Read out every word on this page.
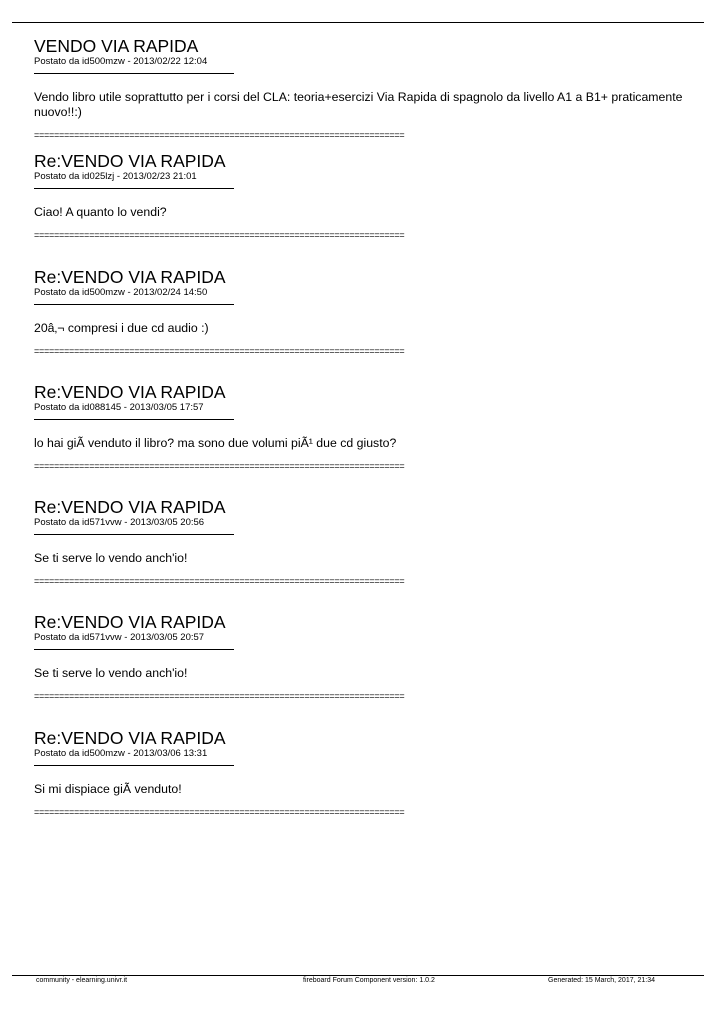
VENDO VIA RAPIDA
Postato da id500mzw - 2013/02/22 12:04
Vendo libro utile soprattutto per i corsi del CLA: teoria+esercizi Via Rapida di spagnolo da livello A1 a B1+ praticamente nuovo!!:)
==========================================================================
Re:VENDO VIA RAPIDA
Postato da id025lzj - 2013/02/23 21:01
Ciao! A quanto lo vendi?
==========================================================================
Re:VENDO VIA RAPIDA
Postato da id500mzw - 2013/02/24 14:50
20â‚¬ compresi i due cd audio :)
==========================================================================
Re:VENDO VIA RAPIDA
Postato da id088145 - 2013/03/05 17:57
lo hai giÃ venduto il libro? ma sono due volumi piÃ¹ due cd giusto?
==========================================================================
Re:VENDO VIA RAPIDA
Postato da id571vvw - 2013/03/05 20:56
Se ti serve lo vendo anch'io!
==========================================================================
Re:VENDO VIA RAPIDA
Postato da id571vvw - 2013/03/05 20:57
Se ti serve lo vendo anch'io!
==========================================================================
Re:VENDO VIA RAPIDA
Postato da id500mzw - 2013/03/06 13:31
Si mi dispiace giÃ venduto!
==========================================================================
community - elearning.univr.it	fireboard Forum Component version: 1.0.2	Generated: 15 March, 2017, 21:34
